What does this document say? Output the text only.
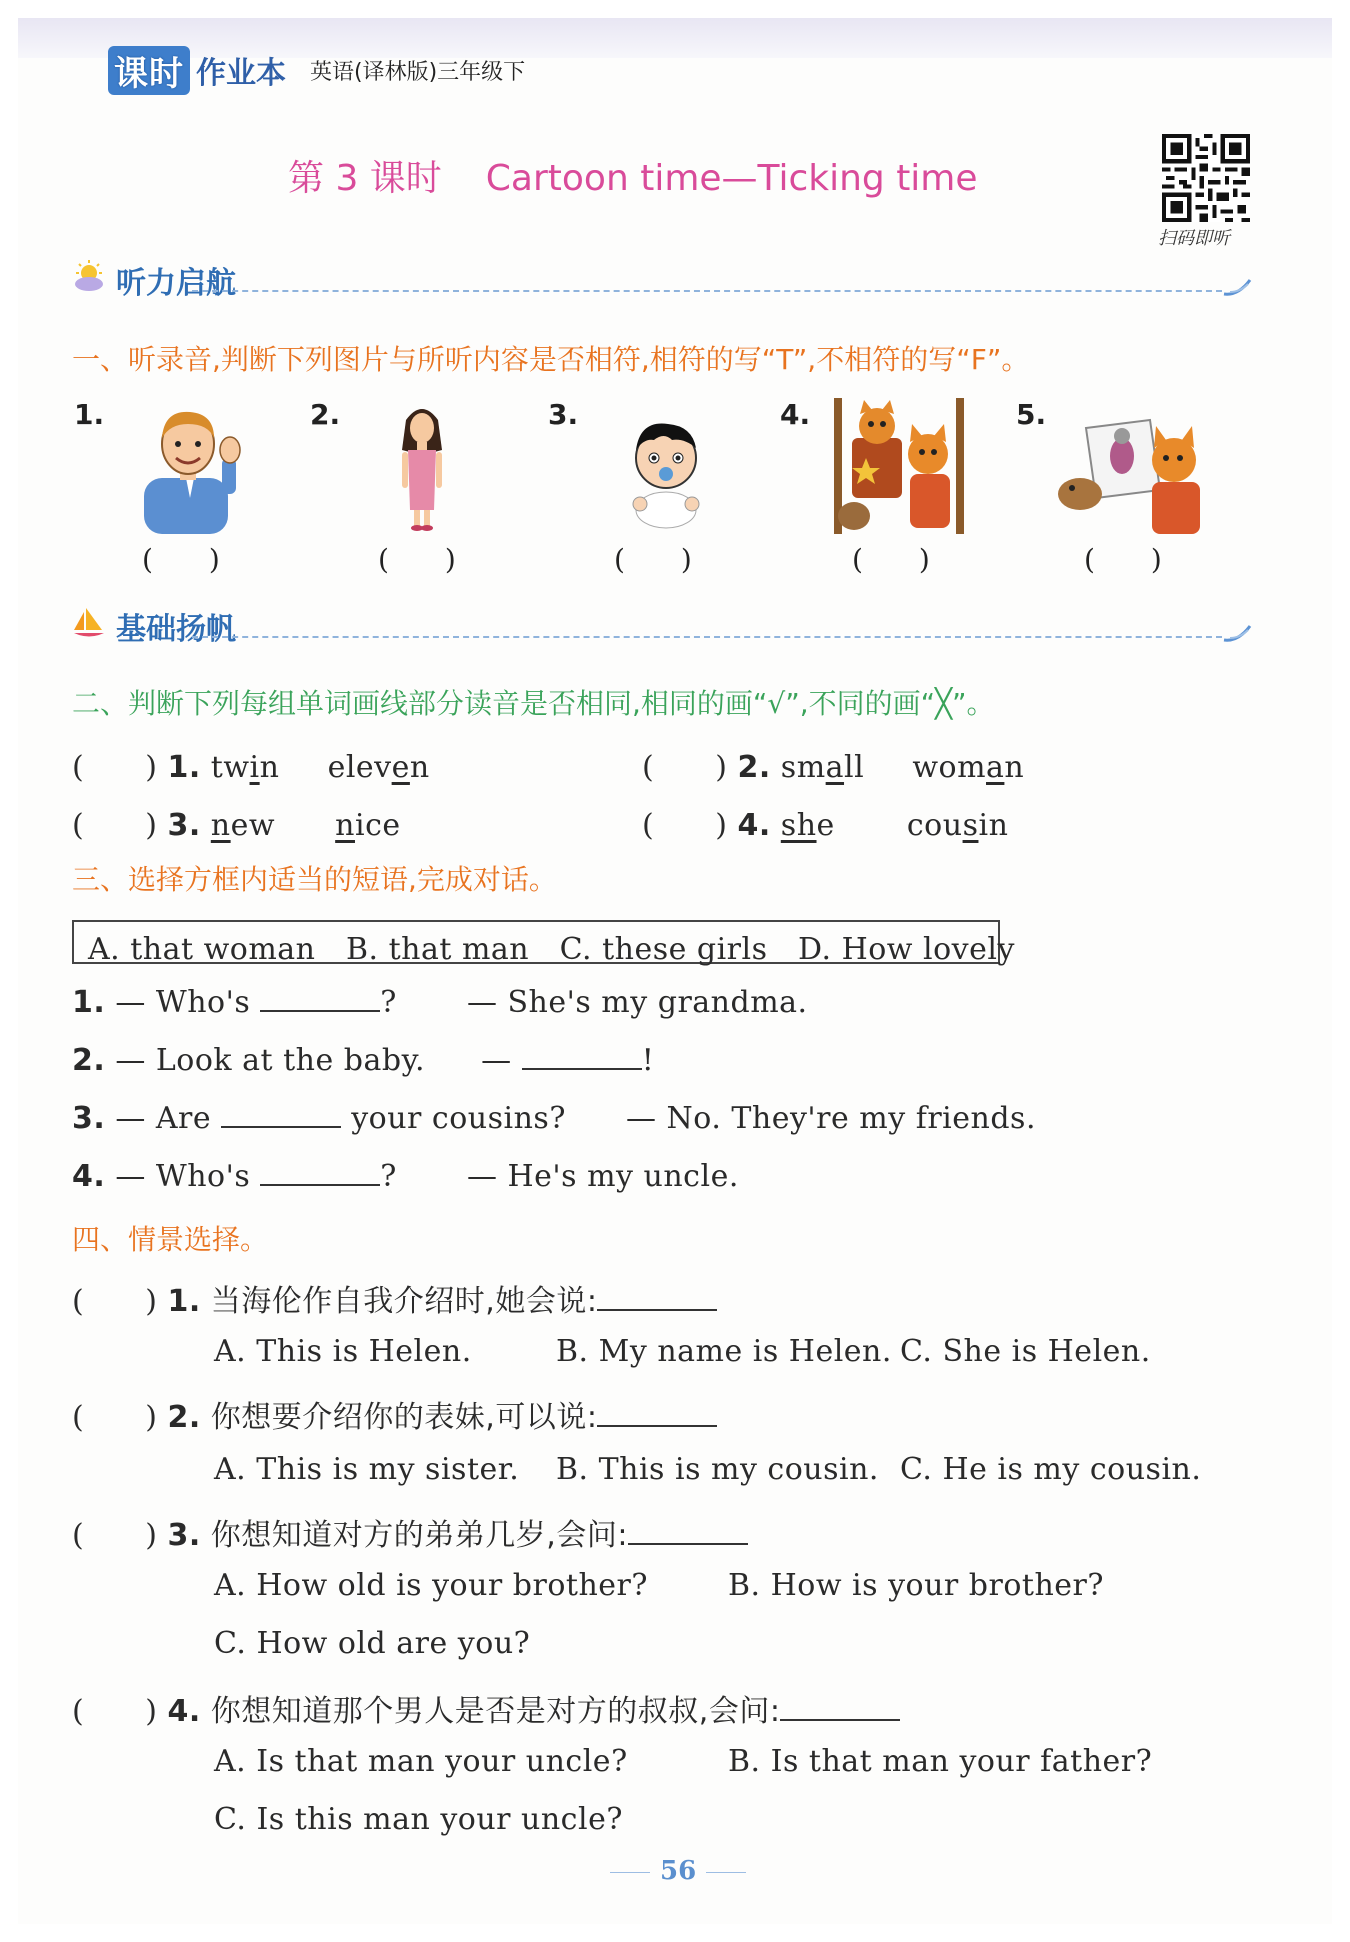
课时 作业本 英语(译林版)三年级下
第 3 课时 Cartoon time—Ticking time
扫码即听
听力启航
一、听录音,判断下列图片与所听内容是否相符,相符的写“T”,不相符的写“F”。
1.
(　　)
2.
(　　)
3.
(　　)
4.
(　　)
5.
(　　)
基础扬帆
二、判断下列每组单词画线部分读音是否相同,相同的画“√”,不同的画“╳”。
(　　) 1. twin eleven	(　　) 2. small woman
(　　) 3. new nice	(　　) 4. she cousin
三、选择方框内适当的短语,完成对话。
A. that woman　B. that man　C. these girls　D. How lovely
1. — Who's	? — She's my grandma.
2. — Look at the baby. —	!
3. — Are	your cousins? — No. They're my friends.
4. — Who's	? — He's my uncle.
四、情景选择。
(　　) 1. 当海伦作自我介绍时,她会说:
A. This is Helen.	B. My name is Helen. C. She is Helen.
(　　) 2. 你想要介绍你的表妹,可以说:
A. This is my sister. B. This is my cousin. C. He is my cousin.
(　　) 3. 你想知道对方的弟弟几岁,会问:
A. How old is your brother?	B. How is your brother?
C. How old are you?
(　　) 4. 你想知道那个男人是否是对方的叔叔,会问:
A. Is that man your uncle?	B. Is that man your father?
C. Is this man your uncle?
56
